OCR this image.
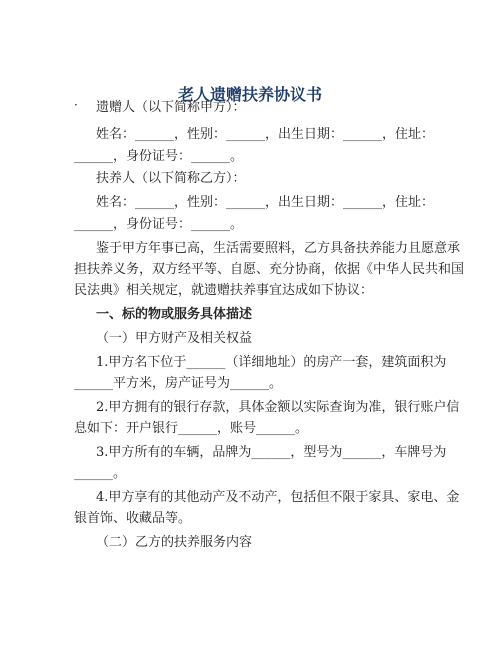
老人遗赠扶养协议书
· 遗赠人（以下简称甲方）：
姓名：______，性别：______，出生日期：______，住址：
______，身份证号：______。
扶养人（以下简称乙方）：
姓名：______，性别：______，出生日期：______，住址：
______，身份证号：______。
鉴于甲方年事已高，生活需要照料，乙方具备扶养能力且愿意承
担扶养义务，双方经平等、自愿、充分协商，依据《中华人民共和国
民法典》相关规定，就遗赠扶养事宜达成如下协议：
一、标的物或服务具体描述
（一）甲方财产及相关权益
1.甲方名下位于______（详细地址）的房产一套，建筑面积为
______平方米，房产证号为______。
2.甲方拥有的银行存款，具体金额以实际查询为准，银行账户信
息如下：开户银行______，账号______。
3.甲方所有的车辆，品牌为______，型号为______，车牌号为
______。
4.甲方享有的其他动产及不动产，包括但不限于家具、家电、金
银首饰、收藏品等。
（二）乙方的扶养服务内容
